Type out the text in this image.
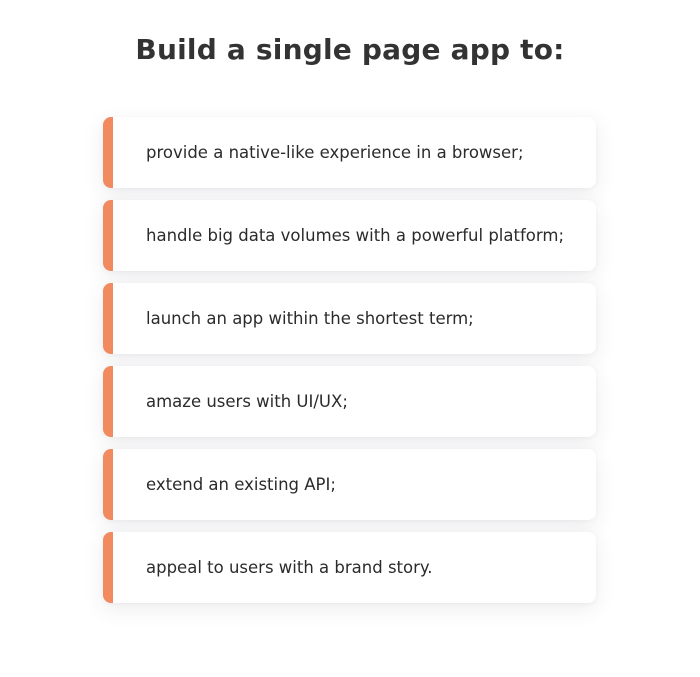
Build a single page app to:
provide a native-like experience in a browser;
handle big data volumes with a powerful platform;
launch an app within the shortest term;
amaze users with UI/UX;
extend an existing API;
appeal to users with a brand story.
